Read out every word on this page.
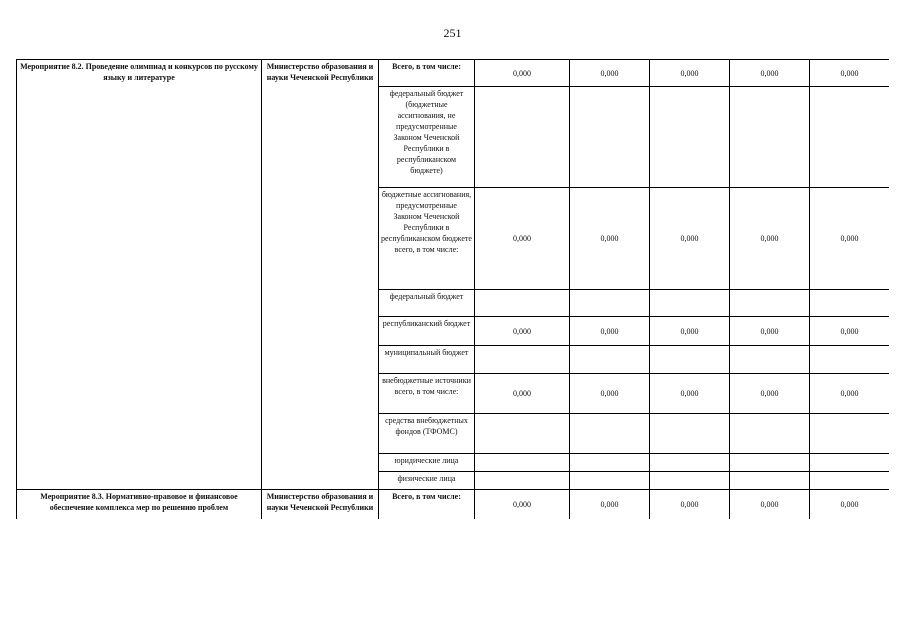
251
Мероприятие 8.2. Проведение олимпиад и конкурсов по русскому языку и литературе	Министерство образования и науки Чеченской Республики	Всего, в том числе:	0,000	0,000	0,000	0,000	0,000
		федеральный бюджет (бюджетные ассигнования, не предусмотренные Законом Чеченской Республики в республиканском бюджете)					
		бюджетные ассигнования, предусмотренные Законом Чеченской Республики в республиканском бюджете всего, в том числе:	0,000	0,000	0,000	0,000	0,000
		федеральный бюджет					
		республиканский бюджет	0,000	0,000	0,000	0,000	0,000
		муниципальный бюджет					
		внебюджетные источники всего, в том числе:	0,000	0,000	0,000	0,000	0,000
		средства внебюджетных фондов (ТФОМС)					
		юридические лица					
		физические лица					
Мероприятие 8.3. Нормативно-правовое и финансовое обеспечение комплекса мер по решению проблем	Министерство образования и науки Чеченской Республики	Всего, в том числе:	0,000	0,000	0,000	0,000	0,000
